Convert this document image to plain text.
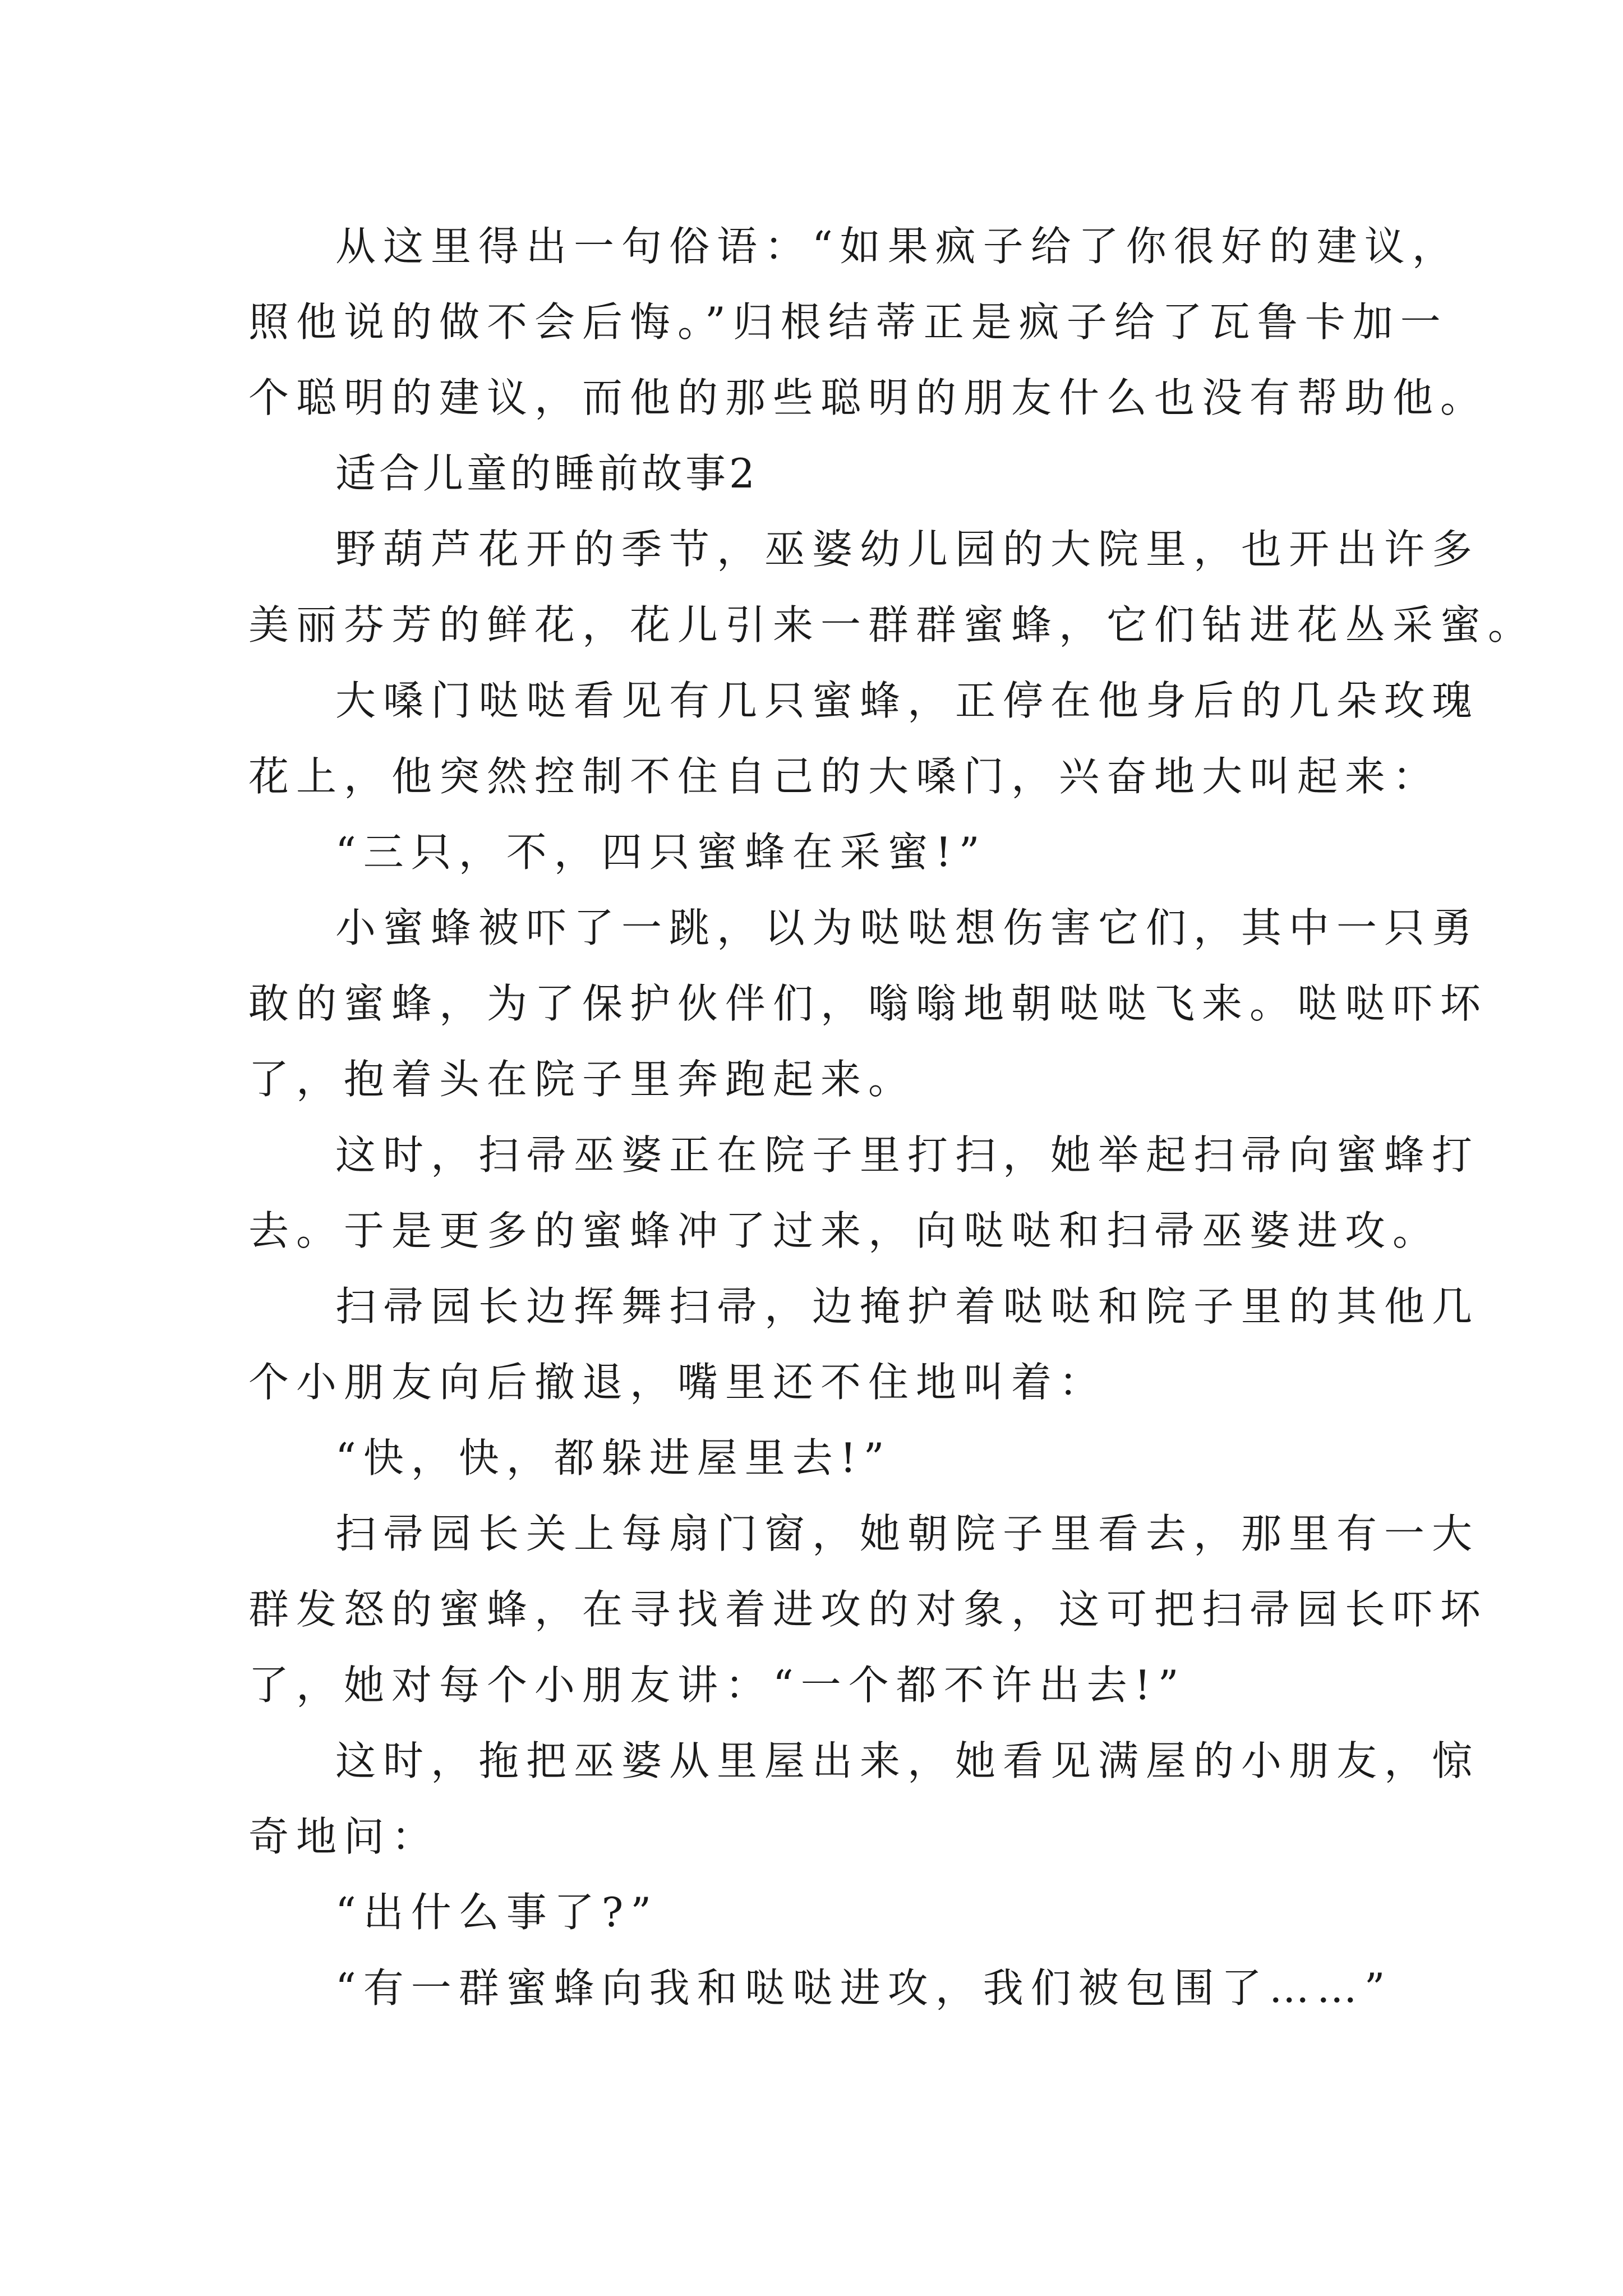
从这里得出一句俗语：“如果疯子给了你很好的建议，
照他说的做不会后悔。”归根结蒂正是疯子给了瓦鲁卡加一
个聪明的建议，而他的那些聪明的朋友什么也没有帮助他。
适合儿童的睡前故事2
野葫芦花开的季节，巫婆幼儿园的大院里，也开出许多
美丽芬芳的鲜花，花儿引来一群群蜜蜂，它们钻进花丛采蜜。
大嗓门哒哒看见有几只蜜蜂，正停在他身后的几朵玫瑰
花上，他突然控制不住自己的大嗓门，兴奋地大叫起来：
“三只，不，四只蜜蜂在采蜜!”
小蜜蜂被吓了一跳，以为哒哒想伤害它们，其中一只勇
敢的蜜蜂，为了保护伙伴们，嗡嗡地朝哒哒飞来。哒哒吓坏
了，抱着头在院子里奔跑起来。
这时，扫帚巫婆正在院子里打扫，她举起扫帚向蜜蜂打
去。于是更多的蜜蜂冲了过来，向哒哒和扫帚巫婆进攻。
扫帚园长边挥舞扫帚，边掩护着哒哒和院子里的其他几
个小朋友向后撤退，嘴里还不住地叫着：
“快，快，都躲进屋里去!”
扫帚园长关上每扇门窗，她朝院子里看去，那里有一大
群发怒的蜜蜂，在寻找着进攻的对象，这可把扫帚园长吓坏
了，她对每个小朋友讲：“一个都不许出去!”
这时，拖把巫婆从里屋出来，她看见满屋的小朋友，惊
奇地问：
“出什么事了?”
“有一群蜜蜂向我和哒哒进攻，我们被包围了……”
